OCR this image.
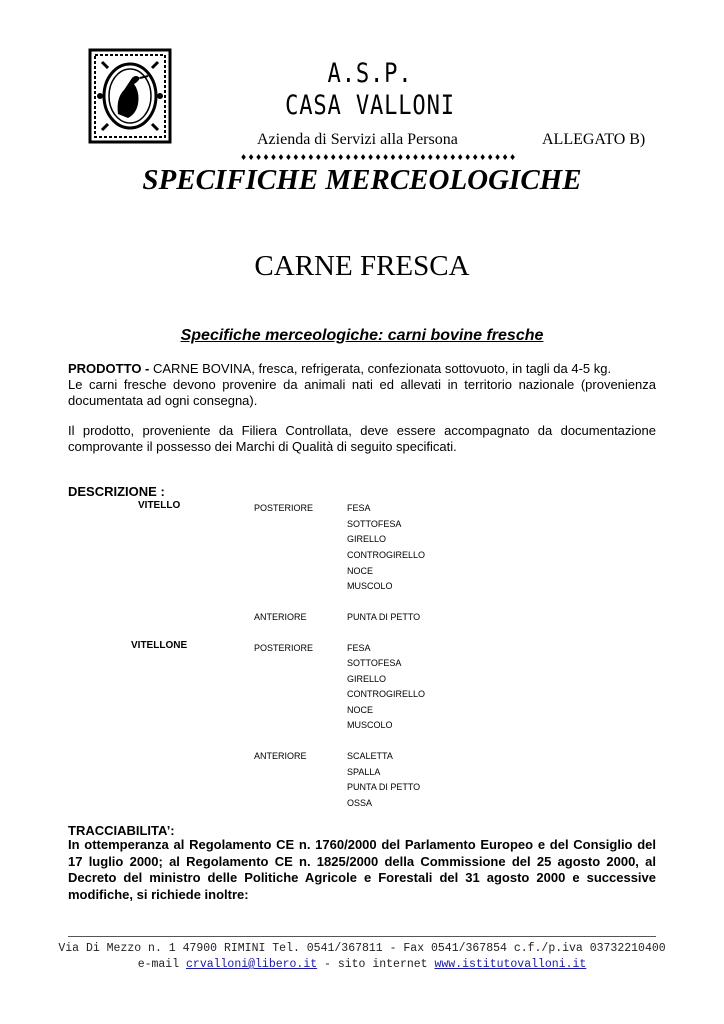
A.S.P.
CASA VALLONI
Azienda di Servizi alla Persona	ALLEGATO B)
♦♦♦♦♦♦♦♦♦♦♦♦♦♦♦♦♦♦♦♦♦♦♦♦♦♦♦♦♦♦♦♦♦♦♦♦♦
SPECIFICHE MERCEOLOGICHE
CARNE FRESCA
Specifiche merceologiche: carni bovine fresche
PRODOTTO - CARNE BOVINA, fresca, refrigerata, confezionata sottovuoto, in tagli da 4-5 kg.
Le carni fresche devono provenire da animali nati ed allevati in territorio nazionale (provenienza documentata ad ogni consegna).
Il prodotto, proveniente da Filiera Controllata, deve essere accompagnato da documentazione comprovante il possesso dei Marchi di Qualità di seguito specificati.
DESCRIZIONE :
VITELLO	POSTERIORE	FESA
SOTTOFESA
GIRELLO
CONTROGIRELLO
NOCE
MUSCOLO
ANTERIORE	PUNTA DI PETTO
VITELLONE	POSTERIORE	FESA
SOTTOFESA
GIRELLO
CONTROGIRELLO
NOCE
MUSCOLO
ANTERIORE	SCALETTA
SPALLA
PUNTA DI PETTO
OSSA
TRACCIABILITA’:
In ottemperanza al Regolamento CE n. 1760/2000 del Parlamento Europeo e del Consiglio del 17 luglio 2000; al Regolamento CE n. 1825/2000 della Commissione del 25 agosto 2000, al Decreto del ministro delle Politiche Agricole e Forestali del 31 agosto 2000 e successive modifiche, si richiede inoltre:
Via Di Mezzo n. 1 47900 RIMINI Tel. 0541/367811 - Fax 0541/367854 c.f./p.iva 03732210400
e-mail crvalloni@libero.it - sito internet www.istitutovalloni.it
